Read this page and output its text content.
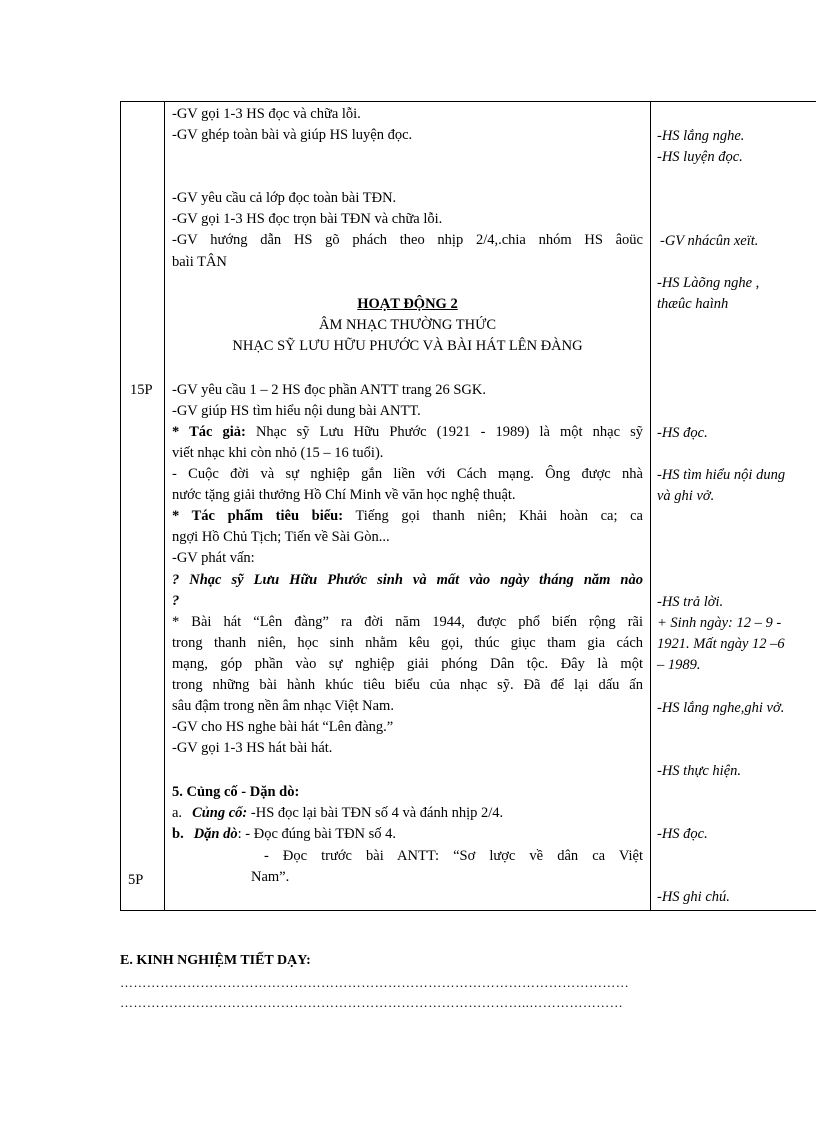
15P
5P
-GV gọi 1-3 HS đọc và chữa lỗi.
-GV ghép toàn bài và giúp HS luyện đọc.
-GV yêu cầu cả lớp đọc toàn bài TĐN.
-GV gọi 1-3 HS đọc trọn bài TĐN và chữa lỗi.
-GV hướng dẫn HS gõ phách theo nhịp 2/4,.chia nhóm HS âoüc
baìi TÂN
HOẠT ĐỘNG 2
ÂM NHẠC THƯỜNG THỨC
NHẠC SỸ LƯU HỮU PHƯỚC VÀ BÀI HÁT LÊN ĐÀNG
-GV yêu cầu 1 – 2 HS đọc phần ANTT trang 26 SGK.
-GV giúp HS tìm hiểu nội dung bài ANTT.
* Tác giả: Nhạc sỹ Lưu Hữu Phước (1921 - 1989) là một nhạc sỹ
viết nhạc khi còn nhỏ (15 – 16 tuổi).
- Cuộc đời và sự nghiệp gắn liền với Cách mạng. Ông được nhà
nước tặng giải thưởng Hồ Chí Minh về văn học nghệ thuật.
* Tác phẩm tiêu biểu: Tiếng gọi thanh niên; Khải hoàn ca; ca
ngợi Hồ Chủ Tịch; Tiến về Sài Gòn...
-GV phát vấn:
? Nhạc sỹ Lưu Hữu Phước sinh và mất vào ngày tháng năm nào
?
* Bài hát “Lên đàng” ra đời năm 1944, được phổ biến rộng rãi
trong thanh niên, học sinh nhằm kêu gọi, thúc giục tham gia cách
mạng, góp phần vào sự nghiệp giải phóng Dân tộc. Đây là một
trong những bài hành khúc tiêu biểu của nhạc sỹ. Đã để lại dấu ấn
sâu đậm trong nền âm nhạc Việt Nam.
-GV cho HS nghe bài hát “Lên đàng.”
-GV gọi 1-3 HS hát bài hát.
5. Củng cố - Dặn dò:
a. Củng cố: -HS đọc lại bài TĐN số 4 và đánh nhịp 2/4.
b. Dặn dò: - Đọc đúng bài TĐN số 4.
- Đọc trước bài ANTT: “Sơ lược về dân ca Việt
Nam”.
-HS lắng nghe.
-HS luyện đọc.
-GV nhácûn xeït.
-HS Làõng nghe ,
thæûc haình
-HS đọc.
-HS tìm hiểu nội dung
và ghi vở.
-HS trả lời.
+ Sinh ngày: 12 – 9 -
1921. Mất ngày 12 –6
– 1989.
-HS lắng nghe,ghi vở.
-HS thực hiện.
-HS đọc.
-HS ghi chú.
E. KINH NGHIỆM TIẾT DẠY:
……………………………………………………………………………………………………
………………………………………………………………………………..…………………
